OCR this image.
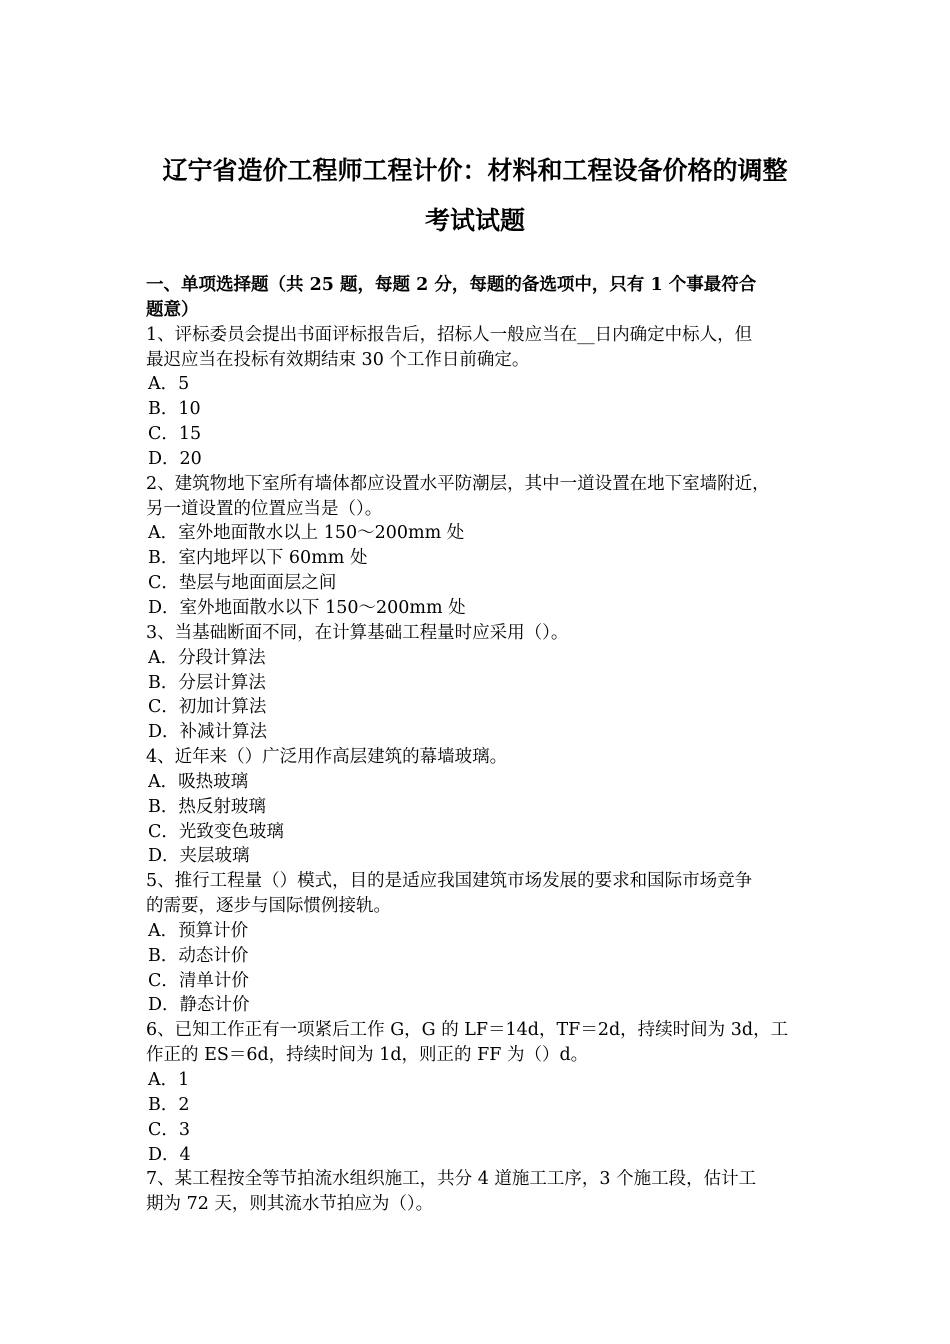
辽宁省造价工程师工程计价：材料和工程设备价格的调整
考试试题
一、单项选择题（共 25 题，每题 2 分，每题的备选项中，只有 1 个事最符合
题意）
1、评标委员会提出书面评标报告后，招标人一般应当在__日内确定中标人，但
最迟应当在投标有效期结束 30 个工作日前确定。
A．5
B．10
C．15
D．20
2、建筑物地下室所有墙体都应设置水平防潮层，其中一道设置在地下室墙附近，
另一道设置的位置应当是（）。
A．室外地面散水以上 150～200mm 处
B．室内地坪以下 60mm 处
C．垫层与地面面层之间
D．室外地面散水以下 150～200mm 处
3、当基础断面不同，在计算基础工程量时应采用（）。
A．分段计算法
B．分层计算法
C．初加计算法
D．补减计算法
4、近年来（）广泛用作高层建筑的幕墙玻璃。
A．吸热玻璃
B．热反射玻璃
C．光致变色玻璃
D．夹层玻璃
5、推行工程量（）模式，目的是适应我国建筑市场发展的要求和国际市场竞争
的需要，逐步与国际惯例接轨。
A．预算计价
B．动态计价
C．清单计价
D．静态计价
6、已知工作正有一项紧后工作 G，G 的 LF＝14d，TF＝2d，持续时间为 3d，工
作正的 ES＝6d，持续时间为 1d，则正的 FF 为（）d。
A．1
B．2
C．3
D．4
7、某工程按全等节拍流水组织施工，共分 4 道施工工序，3 个施工段，估计工
期为 72 天，则其流水节拍应为（）。
